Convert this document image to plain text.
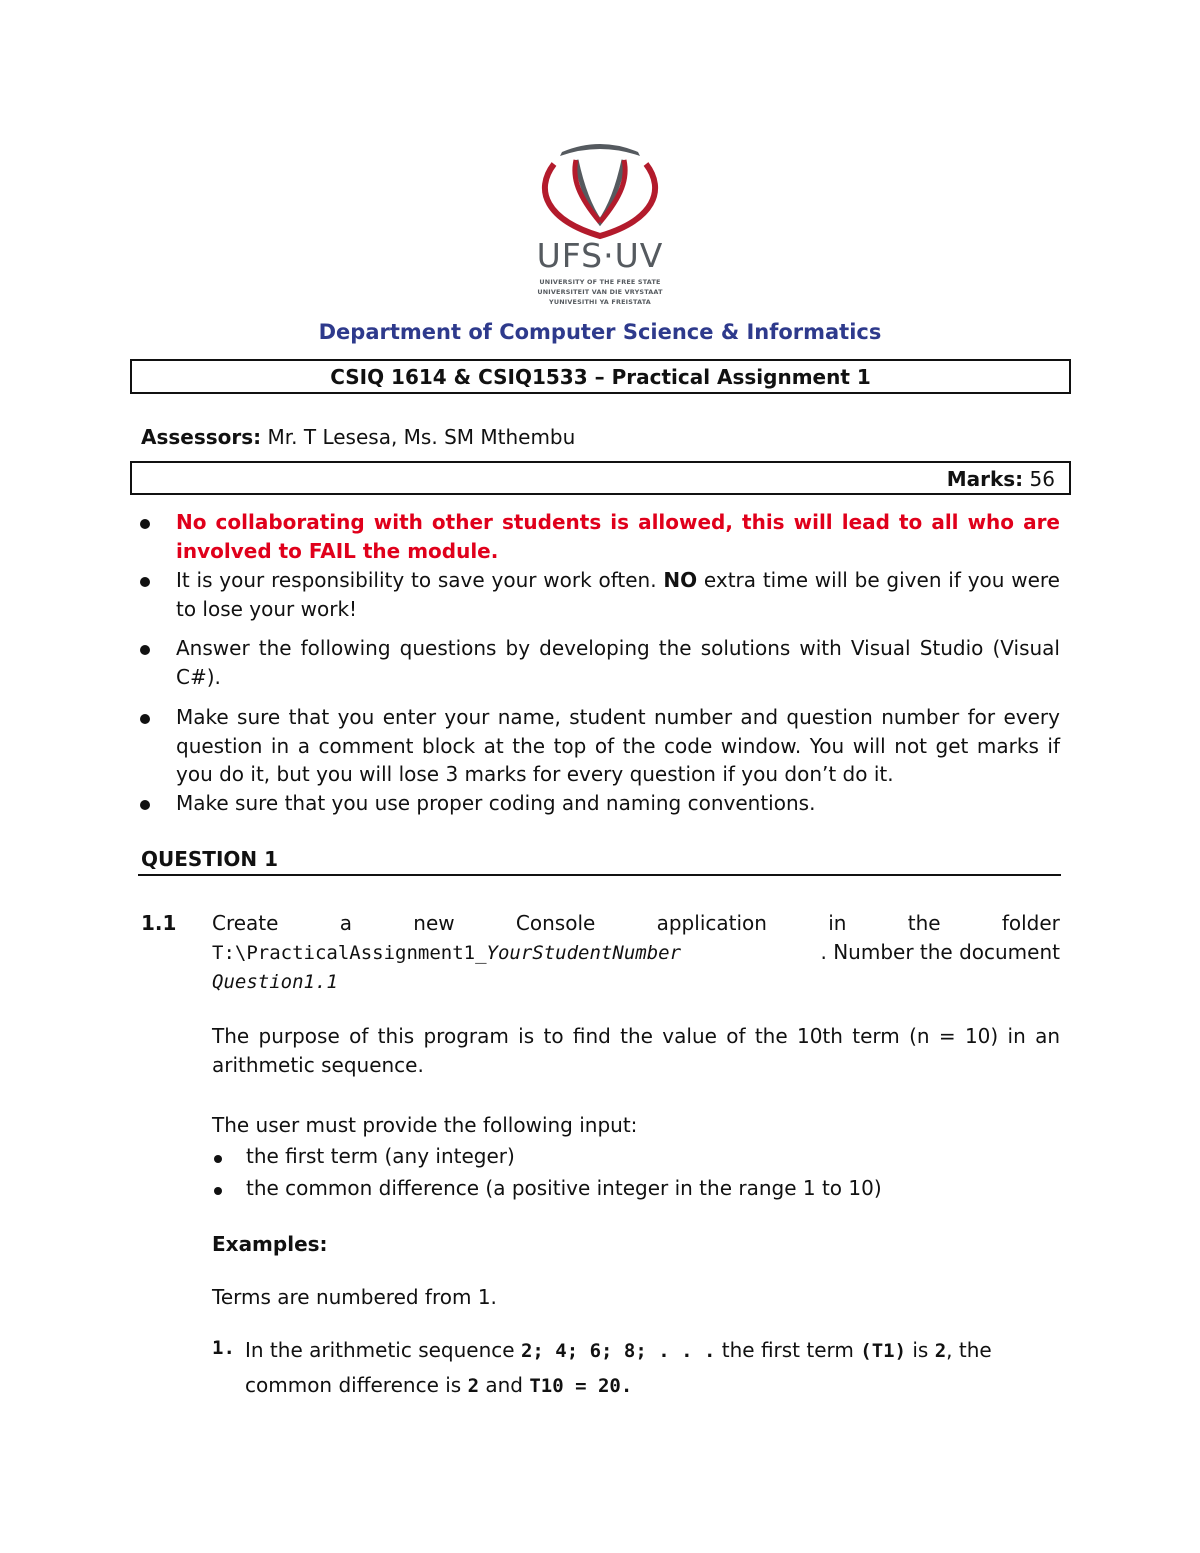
UFS·UV
UNIVERSITY OF THE FREE STATE
UNIVERSITEIT VAN DIE VRYSTAAT
YUNIVESITHI YA FREISTATA
Department of Computer Science & Informatics
CSIQ 1614 & CSIQ1533 – Practical Assignment 1
Assessors: Mr. T Lesesa, Ms. SM Mthembu
Marks: 56
No collaborating with other students is allowed, this will lead to all who are involved to FAIL the module.
It is your responsibility to save your work often. NO extra time will be given if you were to lose your work!
Answer the following questions by developing the solutions with Visual Studio (Visual C#).
Make sure that you enter your name, student number and question number for every question in a comment block at the top of the code window. You will not get marks if you do it, but you will lose 3 marks for every question if you don’t do it.
Make sure that you use proper coding and naming conventions.
QUESTION 1
1.1 Create	a	new	Console	application	in	the	folder
T:\PracticalAssignment1_YourStudentNumber	. Number the document
Question1.1
The purpose of this program is to find the value of the 10th term (n = 10) in an arithmetic sequence.
The user must provide the following input:
the first term (any integer)
the common difference (a positive integer in the range 1 to 10)
Examples:
Terms are numbered from 1.
1. In the arithmetic sequence 2; 4; 6; 8; . . . the first term (T1) is 2, the common difference is 2 and T10 = 20.
